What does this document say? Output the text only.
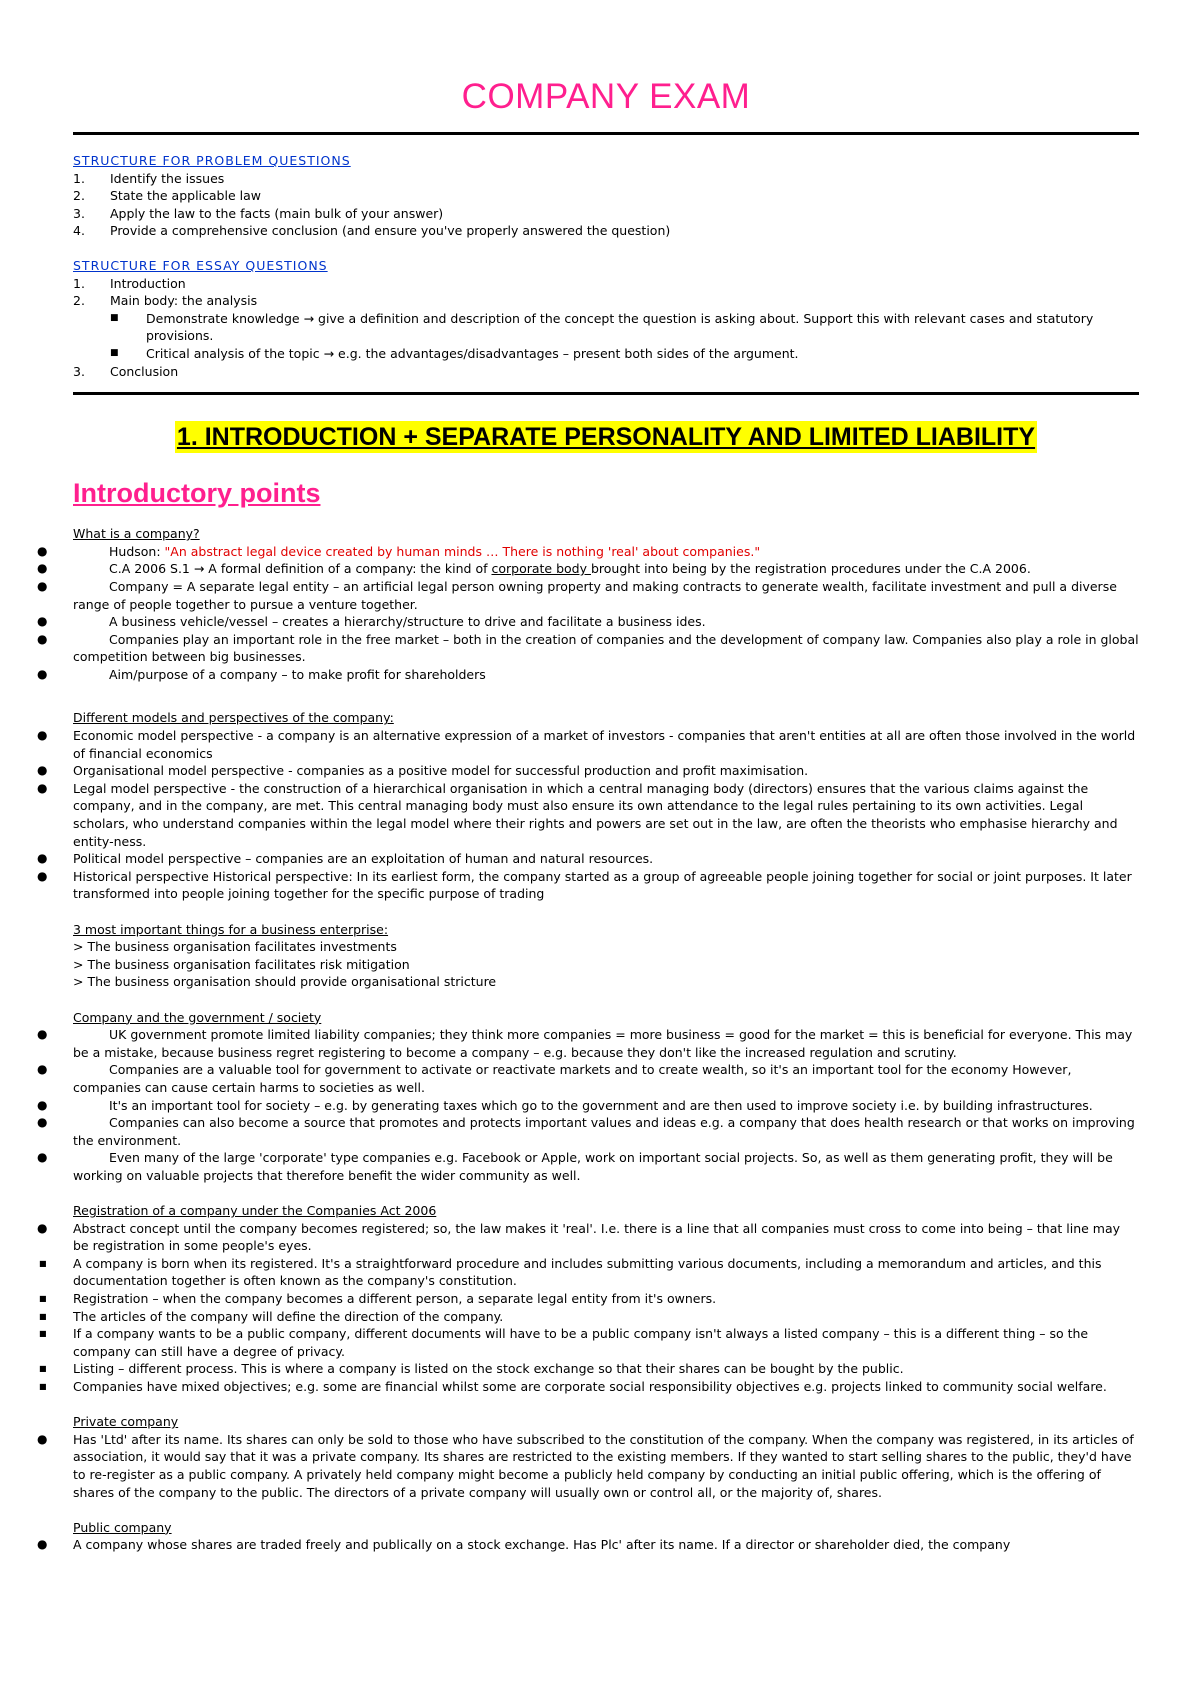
COMPANY EXAM
STRUCTURE FOR PROBLEM QUESTIONS
1. Identify the issues
2. State the applicable law
3. Apply the law to the facts (main bulk of your answer)
4. Provide a comprehensive conclusion (and ensure you've properly answered the question)
STRUCTURE FOR ESSAY QUESTIONS
1. Introduction
2. Main body: the analysis
■ Demonstrate knowledge → give a definition and description of the concept the question is asking about. Support this with relevant cases and statutory provisions.
■ Critical analysis of the topic → e.g. the advantages/disadvantages – present both sides of the argument.
3. Conclusion
1. INTRODUCTION + SEPARATE PERSONALITY AND LIMITED LIABILITY
Introductory points
What is a company?
●	Hudson: "An abstract legal device created by human minds … There is nothing 'real' about companies."
●	C.A 2006 S.1 → A formal definition of a company: the kind of corporate body brought into being by the registration procedures under the C.A 2006.
●	Company = A separate legal entity – an artificial legal person owning property and making contracts to generate wealth, facilitate investment and pull a diverse range of people together to pursue a venture together.
●	A business vehicle/vessel – creates a hierarchy/structure to drive and facilitate a business ides.
●	Companies play an important role in the free market – both in the creation of companies and the development of company law. Companies also play a role in global competition between big businesses.
●	Aim/purpose of a company – to make profit for shareholders
Different models and perspectives of the company:
● Economic model perspective - a company is an alternative expression of a market of investors - companies that aren't entities at all are often those involved in the world of financial economics
● Organisational model perspective - companies as a positive model for successful production and profit maximisation.
● Legal model perspective - the construction of a hierarchical organisation in which a central managing body (directors) ensures that the various claims against the company, and in the company, are met. This central managing body must also ensure its own attendance to the legal rules pertaining to its own activities. Legal scholars, who understand companies within the legal model where their rights and powers are set out in the law, are often the theorists who emphasise hierarchy and entity-ness.
● Political model perspective – companies are an exploitation of human and natural resources.
● Historical perspective Historical perspective: In its earliest form, the company started as a group of agreeable people joining together for social or joint purposes. It later transformed into people joining together for the specific purpose of trading
3 most important things for a business enterprise:
> The business organisation facilitates investments
> The business organisation facilitates risk mitigation
> The business organisation should provide organisational stricture
Company and the government / society
●	UK government promote limited liability companies; they think more companies = more business = good for the market = this is beneficial for everyone. This may be a mistake, because business regret registering to become a company – e.g. because they don't like the increased regulation and scrutiny.
●	Companies are a valuable tool for government to activate or reactivate markets and to create wealth, so it's an important tool for the economy However, companies can cause certain harms to societies as well.
●	It's an important tool for society – e.g. by generating taxes which go to the government and are then used to improve society i.e. by building infrastructures.
●	Companies can also become a source that promotes and protects important values and ideas e.g. a company that does health research or that works on improving the environment.
●	Even many of the large 'corporate' type companies e.g. Facebook or Apple, work on important social projects. So, as well as them generating profit, they will be working on valuable projects that therefore benefit the wider community as well.
Registration of a company under the Companies Act 2006
● Abstract concept until the company becomes registered; so, the law makes it 'real'. I.e. there is a line that all companies must cross to come into being – that line may be registration in some people's eyes.
■ A company is born when its registered. It's a straightforward procedure and includes submitting various documents, including a memorandum and articles, and this documentation together is often known as the company's constitution.
■ Registration – when the company becomes a different person, a separate legal entity from it's owners.
■ The articles of the company will define the direction of the company.
■ If a company wants to be a public company, different documents will have to be a public company isn't always a listed company – this is a different thing – so the company can still have a degree of privacy.
■ Listing – different process. This is where a company is listed on the stock exchange so that their shares can be bought by the public.
■ Companies have mixed objectives; e.g. some are financial whilst some are corporate social responsibility objectives e.g. projects linked to community social welfare.
Private company
● Has 'Ltd' after its name. Its shares can only be sold to those who have subscribed to the constitution of the company. When the company was registered, in its articles of association, it would say that it was a private company. Its shares are restricted to the existing members. If they wanted to start selling shares to the public, they'd have to re-register as a public company. A privately held company might become a publicly held company by conducting an initial public offering, which is the offering of shares of the company to the public. The directors of a private company will usually own or control all, or the majority of, shares.
Public company
● A company whose shares are traded freely and publically on a stock exchange. Has Plc' after its name. If a director or shareholder died, the company
